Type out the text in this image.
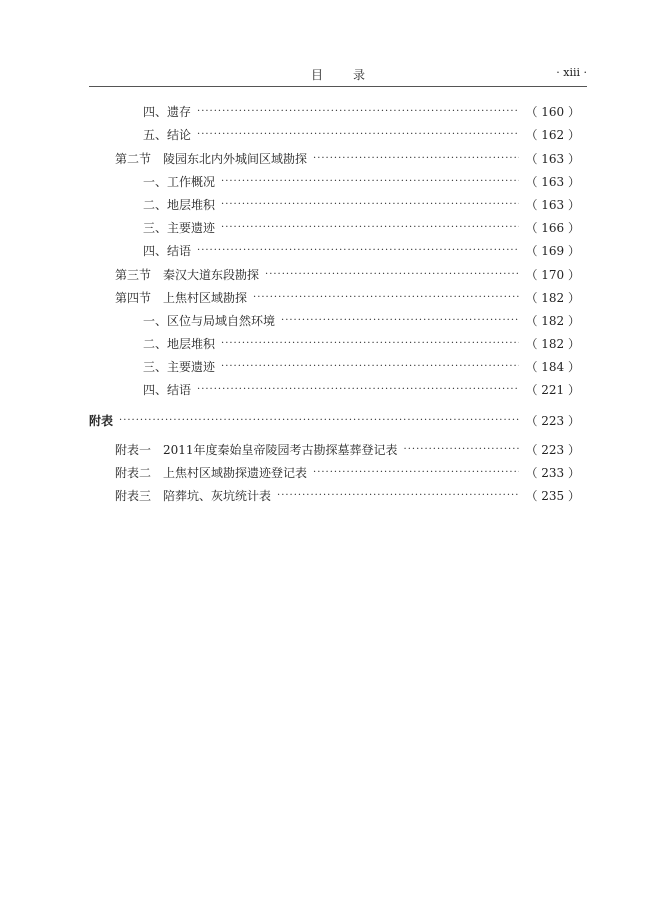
目	录	· xiii ·
四、遗存 ·····	（ 160 ）
五、结论 ·····	（ 162 ）
第二节　陵园东北内外城间区域勘探 ·····	（ 163 ）
一、工作概况 ·····	（ 163 ）
二、地层堆积 ·····	（ 163 ）
三、主要遗迹 ·····	（ 166 ）
四、结语 ·····	（ 169 ）
第三节　秦汉大道东段勘探 ·····	（ 170 ）
第四节　上焦村区域勘探 ·····	（ 182 ）
一、区位与局域自然环境 ·····	（ 182 ）
二、地层堆积 ·····	（ 182 ）
三、主要遗迹 ·····	（ 184 ）
四、结语 ·····	（ 221 ）
附表 ·····	（ 223 ）
附表一　2011年度秦始皇帝陵园考古勘探墓葬登记表 ·····	（ 223 ）
附表二　上焦村区域勘探遗迹登记表 ·····	（ 233 ）
附表三　陪葬坑、灰坑统计表 ·····	（ 235 ）
